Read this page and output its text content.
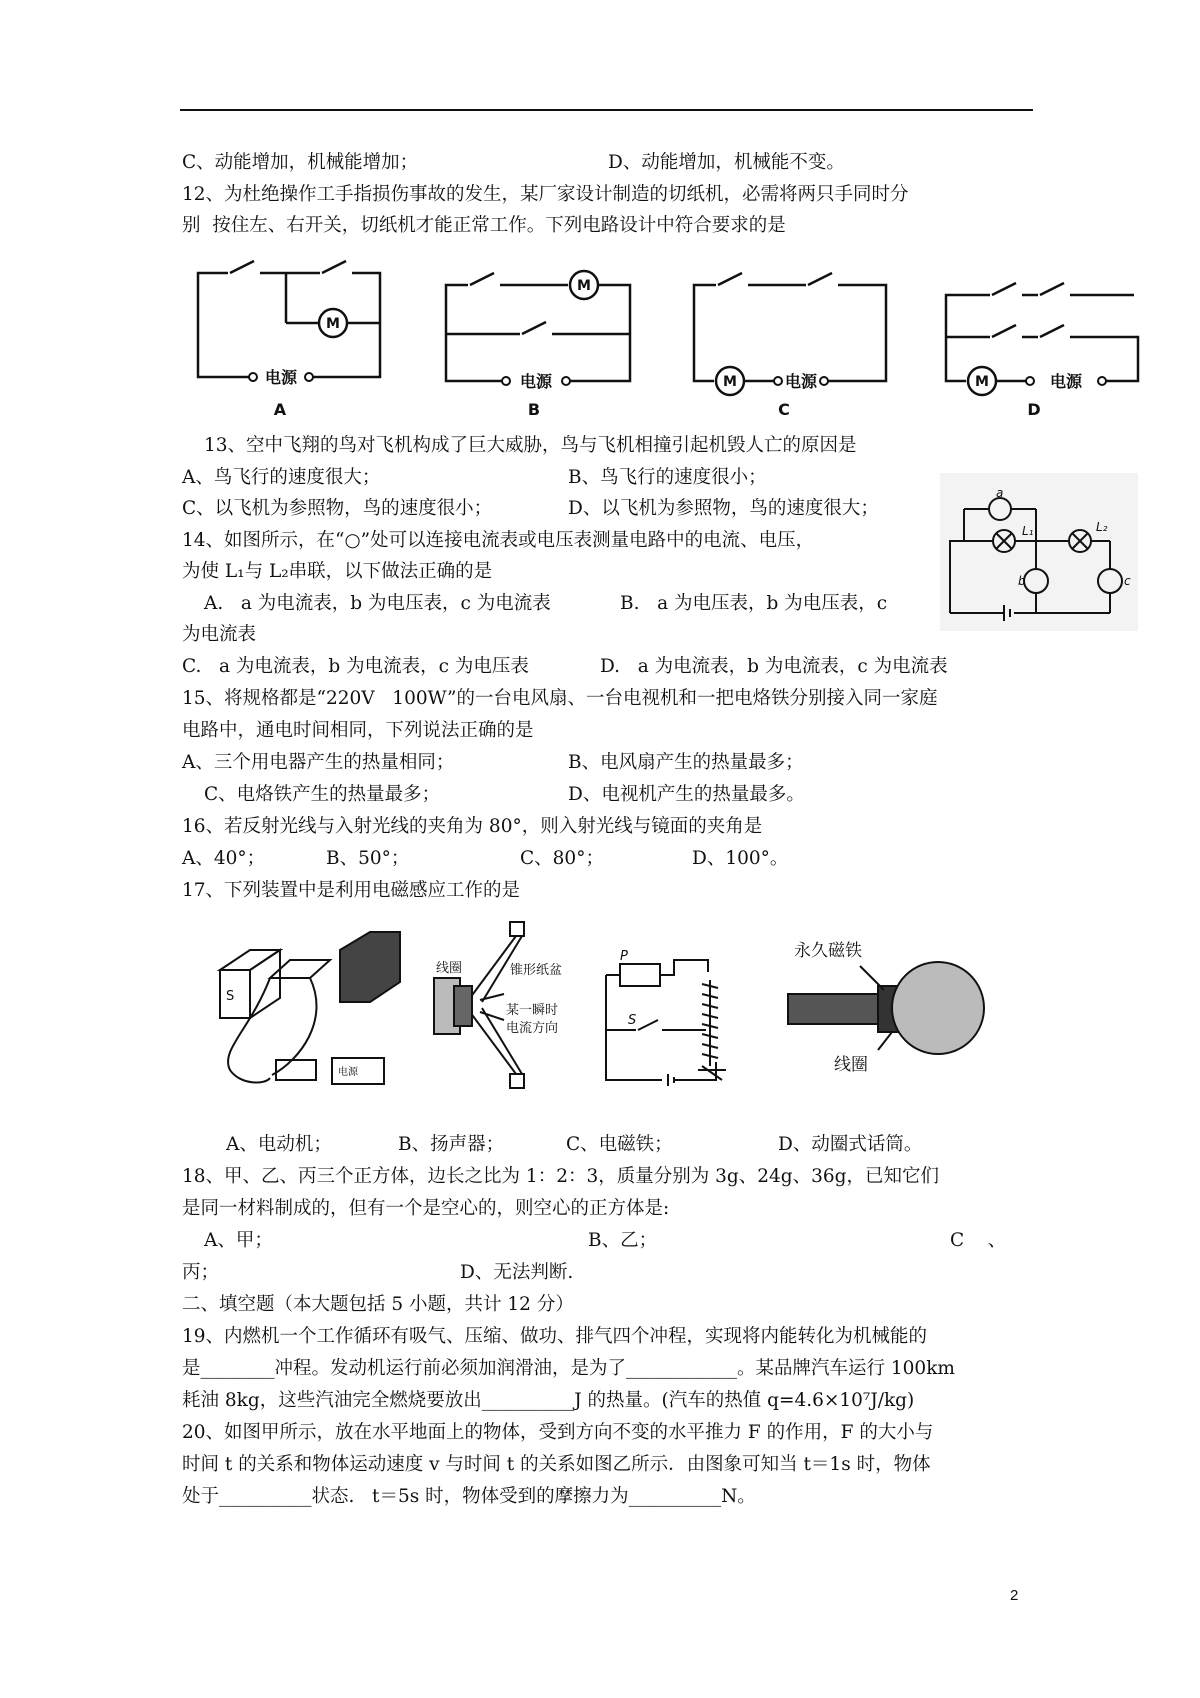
C、动能增加，机械能增加；	D、动能增加，机械能不变。
12、为杜绝操作工手指损伤事故的发生，某厂家设计制造的切纸机，必需将两只手同时分
别  按住左、右开关，切纸机才能正常工作。下列电路设计中符合要求的是
M
M
M	M
电源	电源	电源	电源
A	B	C	D
13、空中飞翔的鸟对飞机构成了巨大威胁，鸟与飞机相撞引起机毁人亡的原因是
A、鸟飞行的速度很大；	B、鸟飞行的速度很小；
C、以飞机为参照物，鸟的速度很小；	D、以飞机为参照物，鸟的速度很大；
a
L₁	L₂
b	c
14、如图所示，在“○”处可以连接电流表或电压表测量电路中的电流、电压，
为使 L₁与 L₂串联，以下做法正确的是
A.   a 为电流表，b 为电压表，c 为电流表	B.   a 为电压表，b 为电压表，c
为电流表
C.   a 为电流表，b 为电流表，c 为电压表	D.   a 为电流表，b 为电流表，c 为电流表
15、将规格都是“220V   100W”的一台电风扇、一台电视机和一把电烙铁分别接入同一家庭
电路中，通电时间相同，下列说法正确的是
A、三个用电器产生的热量相同；	B、电风扇产生的热量最多；
C、电烙铁产生的热量最多；	D、电视机产生的热量最多。
16、若反射光线与入射光线的夹角为 80°，则入射光线与镜面的夹角是
A、40°；	B、50°；	C、80°；	D、100°。
17、下列装置中是利用电磁感应工作的是
S
电源
线圈	锥形纸盆
某一瞬时
电流方向
P
S
永久磁铁
线圈
A、电动机；	B、扬声器；	C、电磁铁；	D、动圈式话筒。
18、甲、乙、丙三个正方体，边长之比为 1：2：3，质量分别为 3g、24g、36g，已知它们
是同一材料制成的，但有一个是空心的，则空心的正方体是:
A、甲；	B、乙；	C    、
丙；	D、无法判断.
二、填空题（本大题包括 5 小题，共计 12 分）
19、内燃机一个工作循环有吸气、压缩、做功、排气四个冲程，实现将内能转化为机械能的
是________冲程。发动机运行前必须加润滑油，是为了____________。某品牌汽车运行 100km
耗油 8kg，这些汽油完全燃烧要放出__________J 的热量。(汽车的热值 q=4.6×10⁷J/kg)
20、如图甲所示，放在水平地面上的物体，受到方向不变的水平推力 F 的作用，F 的大小与
时间 t 的关系和物体运动速度 v 与时间 t 的关系如图乙所示．由图象可知当 t＝1s 时，物体
处于__________状态.   t＝5s 时，物体受到的摩擦力为__________N。
2
